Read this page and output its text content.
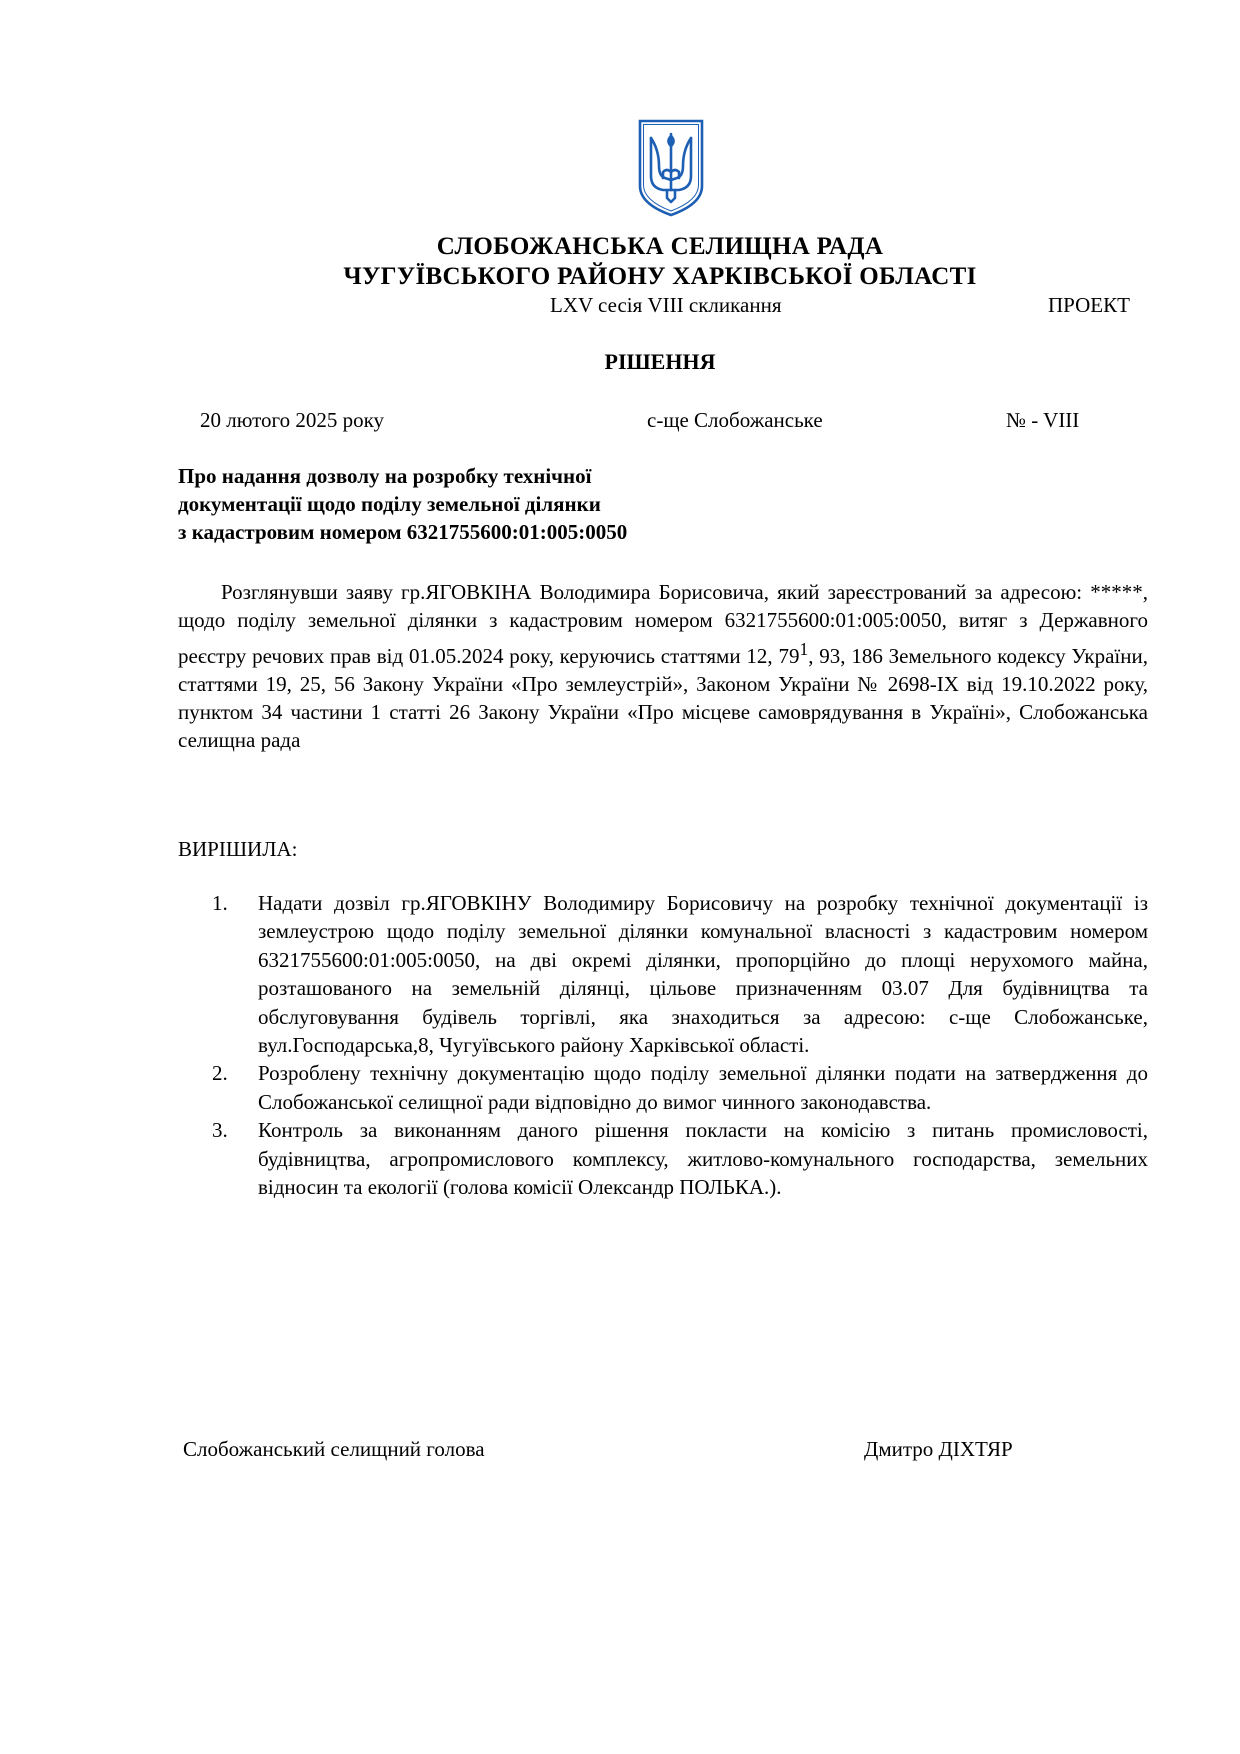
СЛОБОЖАНСЬКА СЕЛИЩНА РАДА
ЧУГУЇВСЬКОГО РАЙОНУ ХАРКІВСЬКОЇ ОБЛАСТІ
LXV сесія VIII скликання	ПРОЕКТ
РІШЕННЯ
20 лютого 2025 року	с-ще Слобожанське	№ - VIII

Про надання дозволу на розробку технічної
документації щодо поділу земельної ділянки
з кадастровим номером 6321755600:01:005:0050

Розглянувши заяву гр.ЯГОВКІНА Володимира Борисовича, який зареєстрований за адресою: *****, щодо поділу земельної ділянки з кадастровим номером 6321755600:01:005:0050, витяг з Державного реєстру речових прав від 01.05.2024 року, керуючись статтями 12, $79^1$, 93, 186 Земельного кодексу України, статтями 19, 25, 56 Закону України «Про землеустрій», Законом України № 2698-IX від 19.10.2022 року, пунктом 34 частини 1 статті 26 Закону України «Про місцеве самоврядування в Україні», Слобожанська селищна рада

ВИРІШИЛА:
1. Надати дозвіл гр.ЯГОВКІНУ Володимиру Борисовичу на розробку технічної документації із землеустрою щодо поділу земельної ділянки комунальної власності з кадастровим номером 6321755600:01:005:0050, на дві окремі ділянки, пропорційно до площі нерухомого майна, розташованого на земельній ділянці, цільове призначенням 03.07 Для будівництва та обслуговування будівель торгівлі, яка знаходиться за адресою: с-ще Слобожанське, вул.Господарська,8, Чугуївського району Харківської області.
2. Розроблену технічну документацію щодо поділу земельної ділянки подати на затвердження до Слобожанської селищної ради відповідно до вимог чинного законодавства.
3. Контроль за виконанням даного рішення покласти на комісію з питань промисловості, будівництва, агропромислового комплексу, житлово-комунального господарства, земельних відносин та екології (голова комісії Олександр ПОЛЬКА.).
Слобожанський селищний голова	Дмитро ДІХТЯР
